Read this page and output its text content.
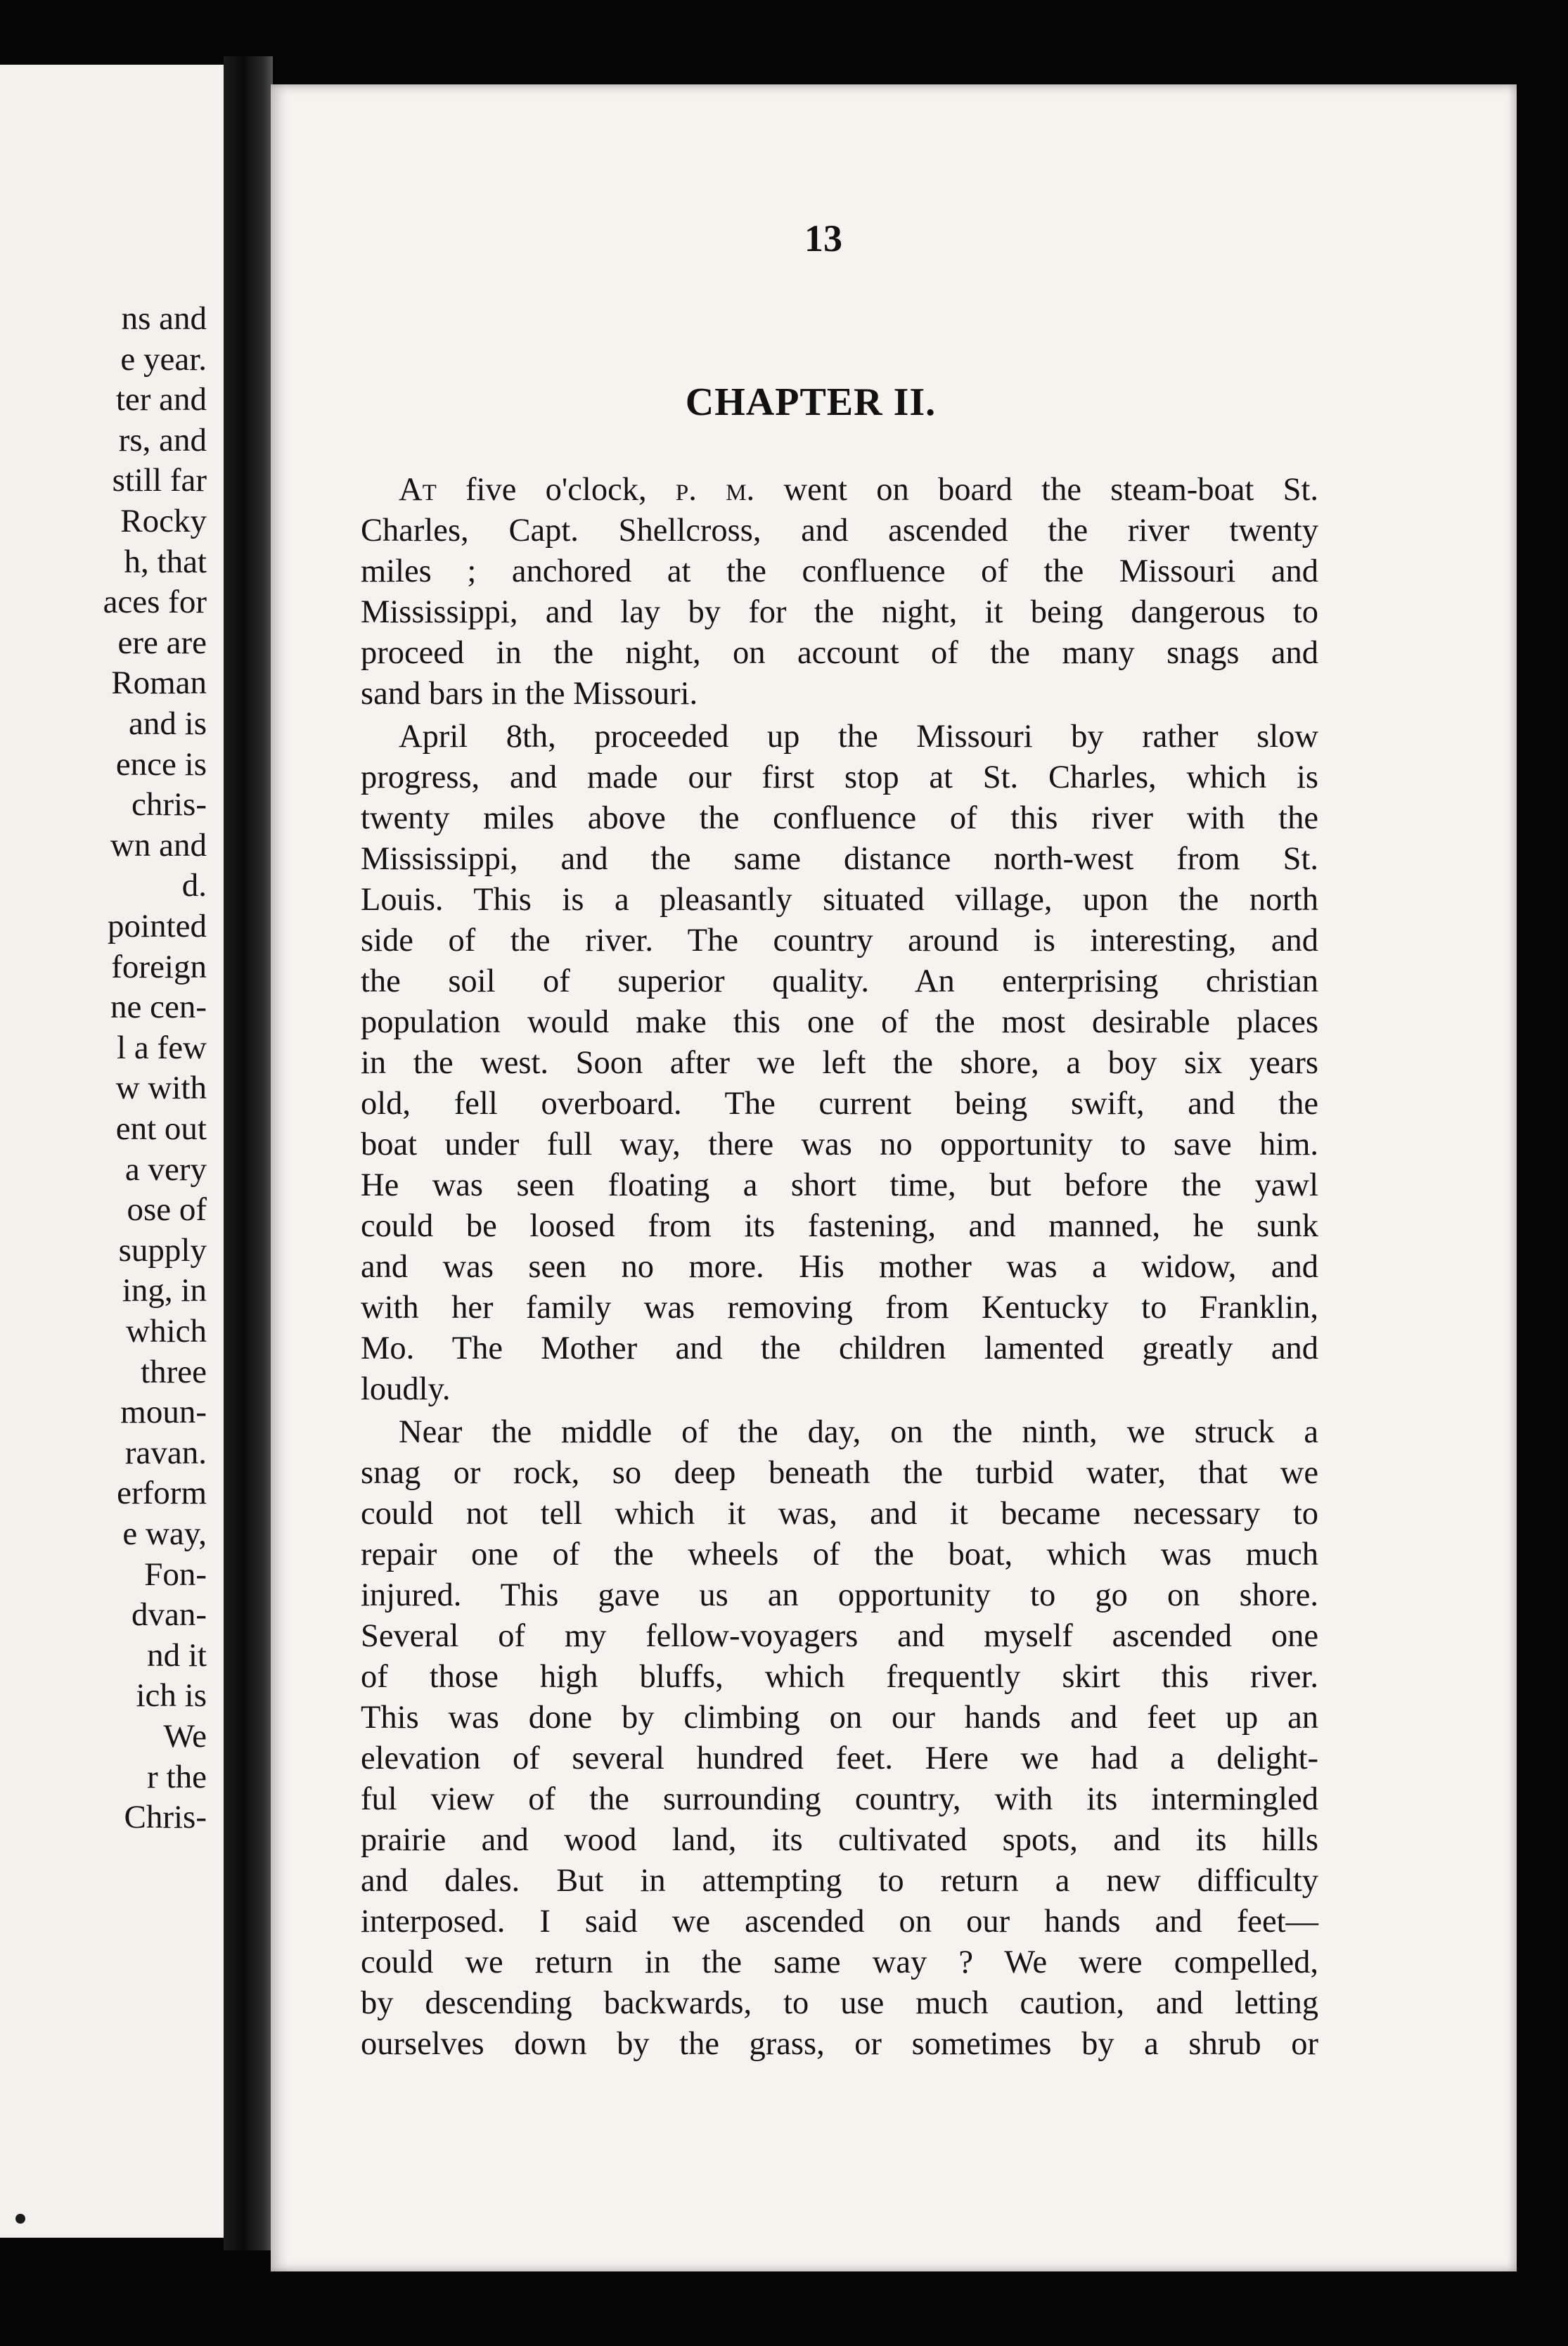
ns and
e year.
ter and
rs, and
still far
Rocky
h, that
aces for
ere are
Roman
and is
ence is
chris-
wn and
d.
pointed
foreign
ne cen-
l a few
w with
ent out
a very
ose of
supply
ing, in
which
three
moun-
ravan.
erform
e way,
Fon-
dvan-
nd it
ich is
We
r the
Chris-
13
CHAPTER II.
At five o'clock, p. m. went on board the steam-boat St.
Charles, Capt. Shellcross, and ascended the river twenty
miles ; anchored at the confluence of the Missouri and
Mississippi, and lay by for the night, it being dangerous to
proceed in the night, on account of the many snags and
sand bars in the Missouri.
April 8th, proceeded up the Missouri by rather slow
progress, and made our first stop at St. Charles, which is
twenty miles above the confluence of this river with the
Mississippi, and the same distance north-west from St.
Louis. This is a pleasantly situated village, upon the north
side of the river. The country around is interesting, and
the soil of superior quality. An enterprising christian
population would make this one of the most desirable places
in the west. Soon after we left the shore, a boy six years
old, fell overboard. The current being swift, and the
boat under full way, there was no opportunity to save him.
He was seen floating a short time, but before the yawl
could be loosed from its fastening, and manned, he sunk
and was seen no more. His mother was a widow, and
with her family was removing from Kentucky to Franklin,
Mo. The Mother and the children lamented greatly and
loudly.
Near the middle of the day, on the ninth, we struck a
snag or rock, so deep beneath the turbid water, that we
could not tell which it was, and it became necessary to
repair one of the wheels of the boat, which was much
injured. This gave us an opportunity to go on shore.
Several of my fellow-voyagers and myself ascended one
of those high bluffs, which frequently skirt this river.
This was done by climbing on our hands and feet up an
elevation of several hundred feet. Here we had a delight-
ful view of the surrounding country, with its intermingled
prairie and wood land, its cultivated spots, and its hills
and dales. But in attempting to return a new difficulty
interposed. I said we ascended on our hands and feet—
could we return in the same way ? We were compelled,
by descending backwards, to use much caution, and letting
ourselves down by the grass, or sometimes by a shrub or
